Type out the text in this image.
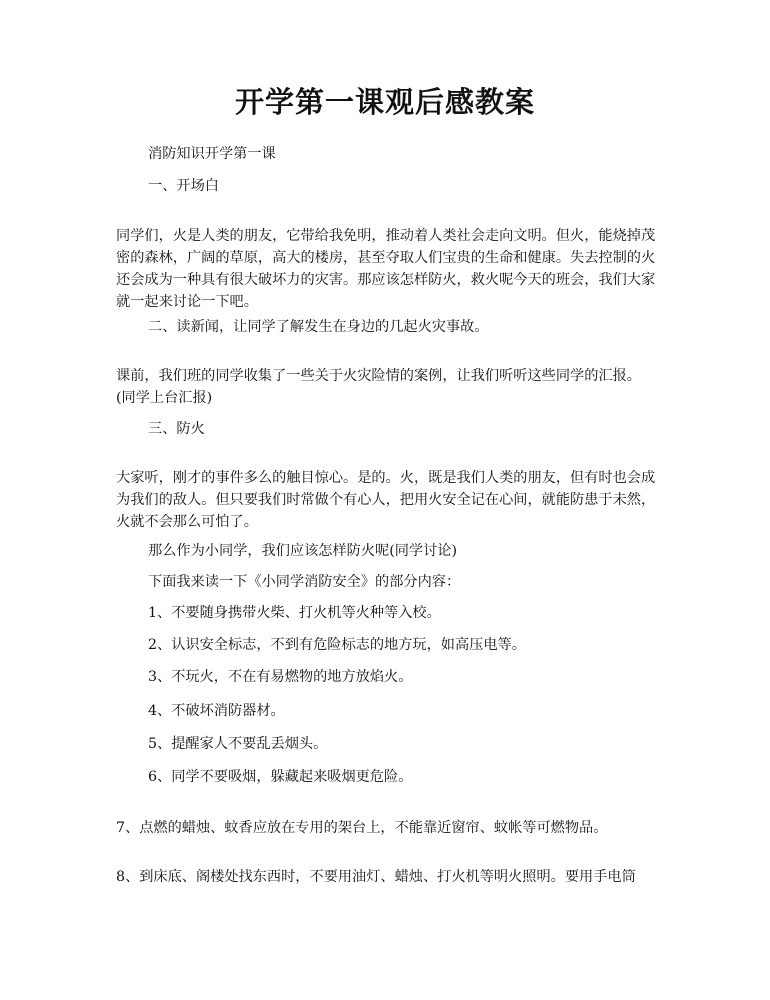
开学第一课观后感教案

消防知识开学第一课

一、开场白

同学们，火是人类的朋友，它带给我免明，推动着人类社会走向文明。但火，能烧掉茂密的森林，广阔的草原，高大的楼房，甚至夺取人们宝贵的生命和健康。失去控制的火还会成为一种具有很大破坏力的灾害。那应该怎样防火，救火呢今天的班会，我们大家就一起来讨论一下吧。

二、读新闻，让同学了解发生在身边的几起火灾事故。

课前，我们班的同学收集了一些关于火灾险情的案例，让我们听听这些同学的汇报。(同学上台汇报)

三、防火

大家听，刚才的事件多么的触目惊心。是的。火，既是我们人类的朋友，但有时也会成为我们的敌人。但只要我们时常做个有心人，把用火安全记在心间，就能防患于未然，火就不会那么可怕了。

那么作为小同学，我们应该怎样防火呢(同学讨论)

下面我来读一下《小同学消防安全》的部分内容：

1、不要随身携带火柴、打火机等火种等入校。

2、认识安全标志，不到有危险标志的地方玩，如高压电等。

3、不玩火，不在有易燃物的地方放焰火。

4、不破坏消防器材。

5、提醒家人不要乱丢烟头。

6、同学不要吸烟，躲藏起来吸烟更危险。

7、点燃的蜡烛、蚊香应放在专用的架台上，不能靠近窗帘、蚊帐等可燃物品。

8、到床底、阁楼处找东西时，不要用油灯、蜡烛、打火机等明火照明。要用手电筒
